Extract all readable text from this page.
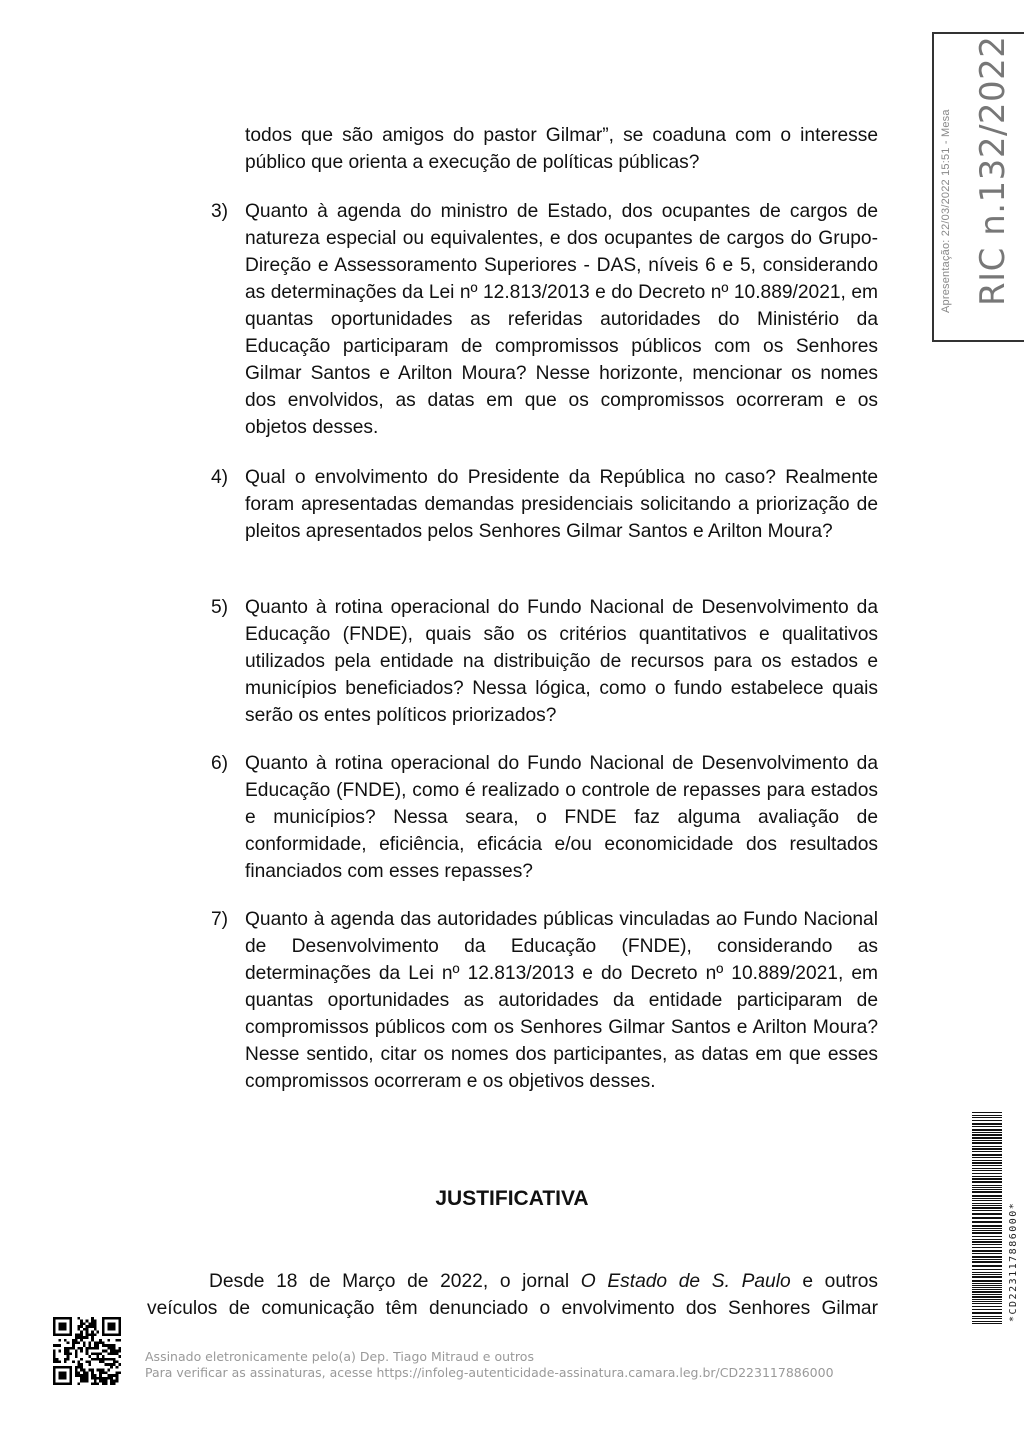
todos que são amigos do pastor Gilmar”, se coaduna com o interesse público que orienta a execução de políticas públicas?

3) Quanto à agenda do ministro de Estado, dos ocupantes de cargos de natureza especial ou equivalentes, e dos ocupantes de cargos do Grupo-Direção e Assessoramento Superiores - DAS, níveis 6 e 5, considerando as determinações da Lei nº 12.813/2013 e do Decreto nº 10.889/2021, em quantas oportunidades as referidas autoridades do Ministério da Educação participaram de compromissos públicos com os Senhores Gilmar Santos e Arilton Moura? Nesse horizonte, mencionar os nomes dos envolvidos, as datas em que os compromissos ocorreram e os objetos desses.

4) Qual o envolvimento do Presidente da República no caso? Realmente foram apresentadas demandas presidenciais solicitando a priorização de pleitos apresentados pelos Senhores Gilmar Santos e Arilton Moura?

5) Quanto à rotina operacional do Fundo Nacional de Desenvolvimento da Educação (FNDE), quais são os critérios quantitativos e qualitativos utilizados pela entidade na distribuição de recursos para os estados e municípios beneficiados? Nessa lógica, como o fundo estabelece quais serão os entes políticos priorizados?

6) Quanto à rotina operacional do Fundo Nacional de Desenvolvimento da Educação (FNDE), como é realizado o controle de repasses para estados e municípios? Nessa seara, o FNDE faz alguma avaliação de conformidade, eficiência, eficácia e/ou economicidade dos resultados financiados com esses repasses?

7) Quanto à agenda das autoridades públicas vinculadas ao Fundo Nacional de Desenvolvimento da Educação (FNDE), considerando as determinações da Lei nº 12.813/2013 e do Decreto nº 10.889/2021, em quantas oportunidades as autoridades da entidade participaram de compromissos públicos com os Senhores Gilmar Santos e Arilton Moura? Nesse sentido, citar os nomes dos participantes, as datas em que esses compromissos ocorreram e os objetivos desses.

JUSTIFICATIVA

Desde 18 de Março de 2022, o jornal O Estado de S. Paulo e outros

veículos de comunicação têm denunciado o envolvimento dos Senhores Gilmar

Apresentação: 22/03/2022 15:51 - Mesa RIC n.132/2022
*CD223117886000*
Assinado eletronicamente pelo(a) Dep. Tiago Mitraud e outros
Para verificar as assinaturas, acesse https://infoleg-autenticidade-assinatura.camara.leg.br/CD223117886000
